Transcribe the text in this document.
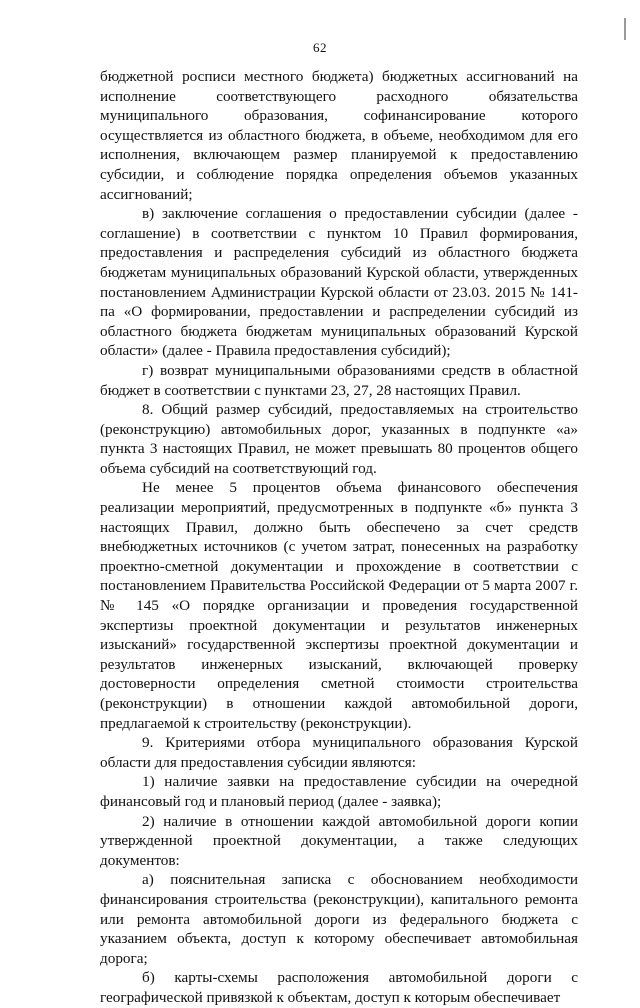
62

бюджетной росписи местного бюджета) бюджетных ассигнований на исполнение соответствующего расходного обязательства муниципального образования, софинансирование которого осуществляется из областного бюджета, в объеме, необходимом для его исполнения, включающем размер планируемой к предоставлению субсидии, и соблюдение порядка определения объемов указанных ассигнований;

в) заключение соглашения о предоставлении субсидии (далее - соглашение) в соответствии с пунктом 10 Правил формирования, предоставления и распределения субсидий из областного бюджета бюджетам муниципальных образований Курской области, утвержденных постановлением Администрации Курской области от 23.03. 2015 № 141- па «О формировании, предоставлении и распределении субсидий из областного бюджета бюджетам муниципальных образований Курской области» (далее - Правила предоставления субсидий);

г) возврат муниципальными образованиями средств в областной бюджет в соответствии с пунктами 23, 27, 28 настоящих Правил.

8. Общий размер субсидий, предоставляемых на строительство (реконструкцию) автомобильных дорог, указанных в подпункте «а» пункта 3 настоящих Правил, не может превышать 80 процентов общего объема субсидий на соответствующий год.

Не менее 5 процентов объема финансового обеспечения реализации мероприятий, предусмотренных в подпункте «б» пункта 3 настоящих Правил, должно быть обеспечено за счет средств внебюджетных источников (с учетом затрат, понесенных на разработку проектно-сметной документации и прохождение в соответствии с постановлением Правительства Российской Федерации от 5 марта 2007 г. № 145 «О порядке организации и проведения государственной экспертизы проектной документации и результатов инженерных изысканий» государственной экспертизы проектной документации и результатов инженерных изысканий, включающей проверку достоверности определения сметной стоимости строительства (реконструкции) в отношении каждой автомобильной дороги, предлагаемой к строительству (реконструкции).

9. Критериями отбора муниципального образования Курской области для предоставления субсидии являются:

1) наличие заявки на предоставление субсидии на очередной финансовый год и плановый период (далее - заявка);

2) наличие в отношении каждой автомобильной дороги копии утвержденной проектной документации, а также следующих документов:

а) пояснительная записка с обоснованием необходимости финансирования строительства (реконструкции), капитального ремонта или ремонта автомобильной дороги из федерального бюджета с указанием объекта, доступ к которому обеспечивает автомобильная дорога;

б) карты-схемы расположения автомобильной дороги с географической привязкой к объектам, доступ к которым обеспечивает
